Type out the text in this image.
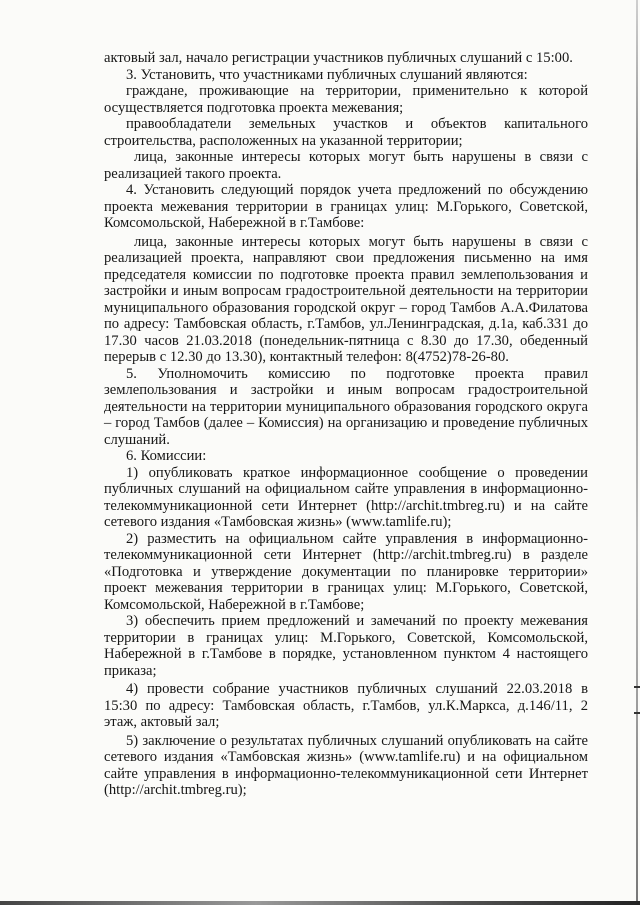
актовый зал, начало регистрации участников публичных слушаний с 15:00.

3. Установить, что участниками публичных слушаний являются:

граждане, проживающие на территории, применительно к которой осуществляется подготовка проекта межевания;

правообладатели земельных участков и объектов капитального строительства, расположенных на указанной территории;

лица, законные интересы которых могут быть нарушены в связи с реализацией такого проекта.

4. Установить следующий порядок учета предложений по обсуждению проекта межевания территории в границах улиц: М.Горького, Советской, Комсомольской, Набережной в г.Тамбове:

лица, законные интересы которых могут быть нарушены в связи с реализацией проекта, направляют свои предложения письменно на имя председателя комиссии по подготовке проекта правил землепользования и застройки и иным вопросам градостроительной деятельности на территории муниципального образования городской округ – город Тамбов А.А.Филатова по адресу: Тамбовская область, г.Тамбов, ул.Ленинградская, д.1а, каб.331 до 17.30 часов 21.03.2018 (понедельник-пятница с 8.30 до 17.30, обеденный перерыв с 12.30 до 13.30), контактный телефон: 8(4752)78-26-80.

5. Уполномочить комиссию по подготовке проекта правил землепользования и застройки и иным вопросам градостроительной деятельности на территории муниципального образования городского округа – город Тамбов (далее – Комиссия) на организацию и проведение публичных слушаний.

6. Комиссии:

1) опубликовать краткое информационное сообщение о проведении публичных слушаний на официальном сайте управления в информационно-телекоммуникационной сети Интернет (http://archit.tmbreg.ru) и на сайте сетевого издания «Тамбовская жизнь» (www.tamlife.ru);

2) разместить на официальном сайте управления в информационно-телекоммуникационной сети Интернет (http://archit.tmbreg.ru) в разделе «Подготовка и утверждение документации по планировке территории» проект межевания территории в границах улиц: М.Горького, Советской, Комсомольской, Набережной в г.Тамбове;

3) обеспечить прием предложений и замечаний по проекту межевания территории в границах улиц: М.Горького, Советской, Комсомольской, Набережной в г.Тамбове в порядке, установленном пунктом 4 настоящего приказа;

4) провести собрание участников публичных слушаний 22.03.2018 в 15:30 по адресу: Тамбовская область, г.Тамбов, ул.К.Маркса, д.146/11, 2 этаж, актовый зал;

5) заключение о результатах публичных слушаний опубликовать на сайте сетевого издания «Тамбовская жизнь» (www.tamlife.ru) и на официальном сайте управления в информационно-телекоммуникационной сети Интернет (http://archit.tmbreg.ru);
